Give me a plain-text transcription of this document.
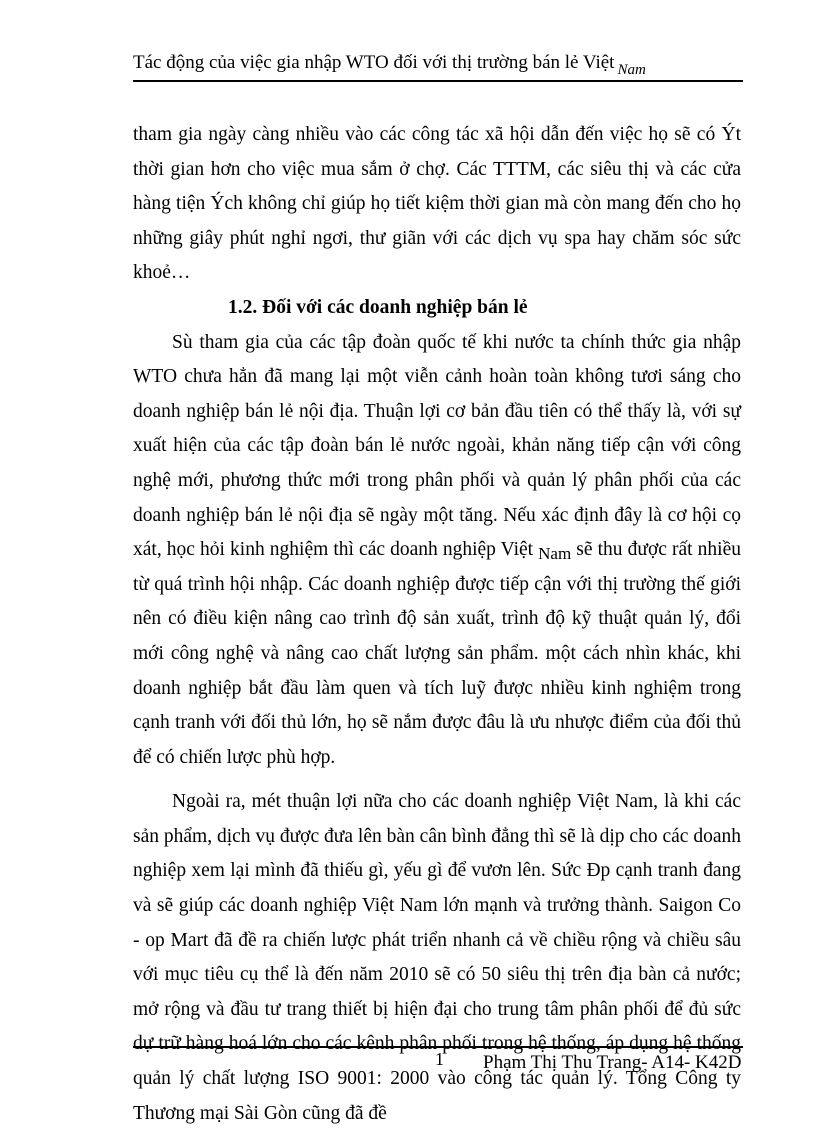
Tác động của việc gia nhập WTO đối với thị trường bán lẻ Việt $_{Nam}$

tham gia ngày càng nhiều vào các công tác xã hội dẫn đến việc họ sẽ có Ýt thời gian hơn cho việc mua sắm ở chợ. Các TTTM, các siêu thị và các cửa hàng tiện Ých không chỉ giúp họ tiết kiệm thời gian mà còn mang đến cho họ những giây phút nghỉ ngơi, thư giãn với các dịch vụ spa hay chăm sóc sức khoẻ…

1.2. Đối với các doanh nghiệp bán lẻ

Sù tham gia của các tập đoàn quốc tế khi nước ta chính thức gia nhập WTO chưa hẳn đã mang lại một viễn cảnh hoàn toàn không tươi sáng cho doanh nghiệp bán lẻ nội địa. Thuận lợi cơ bản đầu tiên có thể thấy là, với sự xuất hiện của các tập đoàn bán lẻ nước ngoài, khản năng tiếp cận với công nghệ mới, phương thức mới trong phân phối và quản lý phân phối của các doanh nghiệp bán lẻ nội địa sẽ ngày một tăng. Nếu xác định đây là cơ hội cọ xát, học hỏi kinh nghiệm thì các doanh nghiệp Việt Nam sẽ thu được rất nhiều từ quá trình hội nhập. Các doanh nghiệp được tiếp cận với thị trường thế giới nên có điều kiện nâng cao trình độ sản xuất, trình độ kỹ thuật quản lý, đổi mới công nghệ và nâng cao chất lượng sản phẩm. một cách nhìn khác, khi doanh nghiệp bắt đầu làm quen và tích luỹ được nhiều kinh nghiệm trong cạnh tranh với đối thủ lớn, họ sẽ nắm được đâu là ưu nhược điểm của đối thủ để có chiến lược phù hợp.

Ngoài ra, mét thuận lợi nữa cho các doanh nghiệp Việt Nam, là khi các sản phẩm, dịch vụ được đưa lên bàn cân bình đẳng thì sẽ là dịp cho các doanh nghiệp xem lại mình đã thiếu gì, yếu gì để vươn lên. Sức Ðp cạnh tranh đang và sẽ giúp các doanh nghiệp Việt Nam lớn mạnh và trưởng thành. Saigon Co - op Mart đã đề ra chiến lược phát triển nhanh cả về chiều rộng và chiều sâu với mục tiêu cụ thể là đến năm 2010 sẽ có 50 siêu thị trên địa bàn cả nước; mở rộng và đầu tư trang thiết bị hiện đại cho trung tâm phân phối để đủ sức dự trữ hàng hoá lớn cho các kênh phân phối trong hệ thống, áp dụng hệ thống quản lý chất lượng ISO 9001: 2000 vào công tác quản lý. Tổng Công ty Thương mại Sài Gòn cũng đã đề

1 Phạm Thị Thu Trang- A14- K42D
